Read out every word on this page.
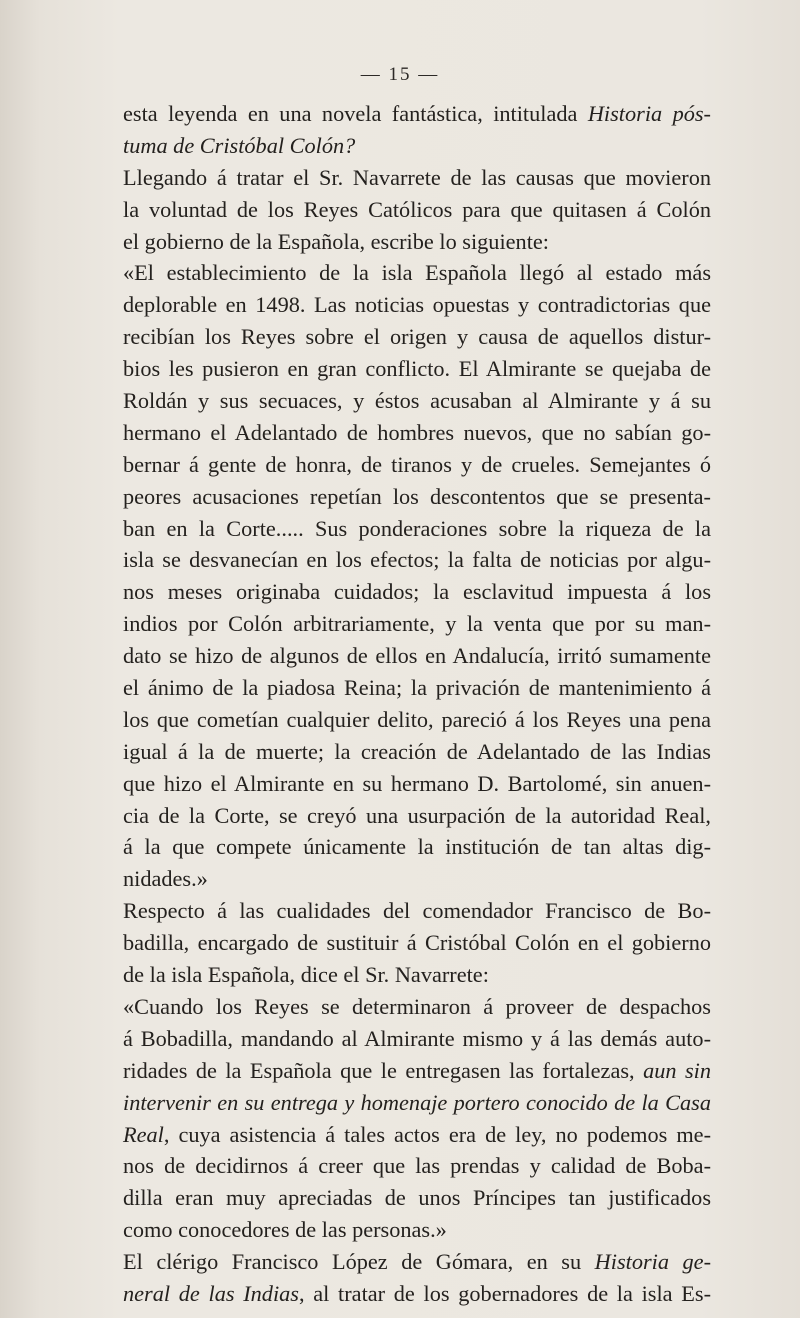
— 15 —
esta leyenda en una novela fantástica, intitulada Historia pós-
tuma de Cristóbal Colón?
Llegando á tratar el Sr. Navarrete de las causas que movieron
la voluntad de los Reyes Católicos para que quitasen á Colón
el gobierno de la Española, escribe lo siguiente:
«El establecimiento de la isla Española llegó al estado más
deplorable en 1498. Las noticias opuestas y contradictorias que
recibían los Reyes sobre el origen y causa de aquellos distur-
bios les pusieron en gran conflicto. El Almirante se quejaba de
Roldán y sus secuaces, y éstos acusaban al Almirante y á su
hermano el Adelantado de hombres nuevos, que no sabían go-
bernar á gente de honra, de tiranos y de crueles. Semejantes ó
peores acusaciones repetían los descontentos que se presenta-
ban en la Corte..... Sus ponderaciones sobre la riqueza de la
isla se desvanecían en los efectos; la falta de noticias por algu-
nos meses originaba cuidados; la esclavitud impuesta á los
indios por Colón arbitrariamente, y la venta que por su man-
dato se hizo de algunos de ellos en Andalucía, irritó sumamente
el ánimo de la piadosa Reina; la privación de mantenimiento á
los que cometían cualquier delito, pareció á los Reyes una pena
igual á la de muerte; la creación de Adelantado de las Indias
que hizo el Almirante en su hermano D. Bartolomé, sin anuen-
cia de la Corte, se creyó una usurpación de la autoridad Real,
á la que compete únicamente la institución de tan altas dig-
nidades.»
Respecto á las cualidades del comendador Francisco de Bo-
badilla, encargado de sustituir á Cristóbal Colón en el gobierno
de la isla Española, dice el Sr. Navarrete:
«Cuando los Reyes se determinaron á proveer de despachos
á Bobadilla, mandando al Almirante mismo y á las demás auto-
ridades de la Española que le entregasen las fortalezas, aun sin
intervenir en su entrega y homenaje portero conocido de la Casa
Real, cuya asistencia á tales actos era de ley, no podemos me-
nos de decidirnos á creer que las prendas y calidad de Boba-
dilla eran muy apreciadas de unos Príncipes tan justificados
como conocedores de las personas.»
El clérigo Francisco López de Gómara, en su Historia ge-
neral de las Indias, al tratar de los gobernadores de la isla Es-
